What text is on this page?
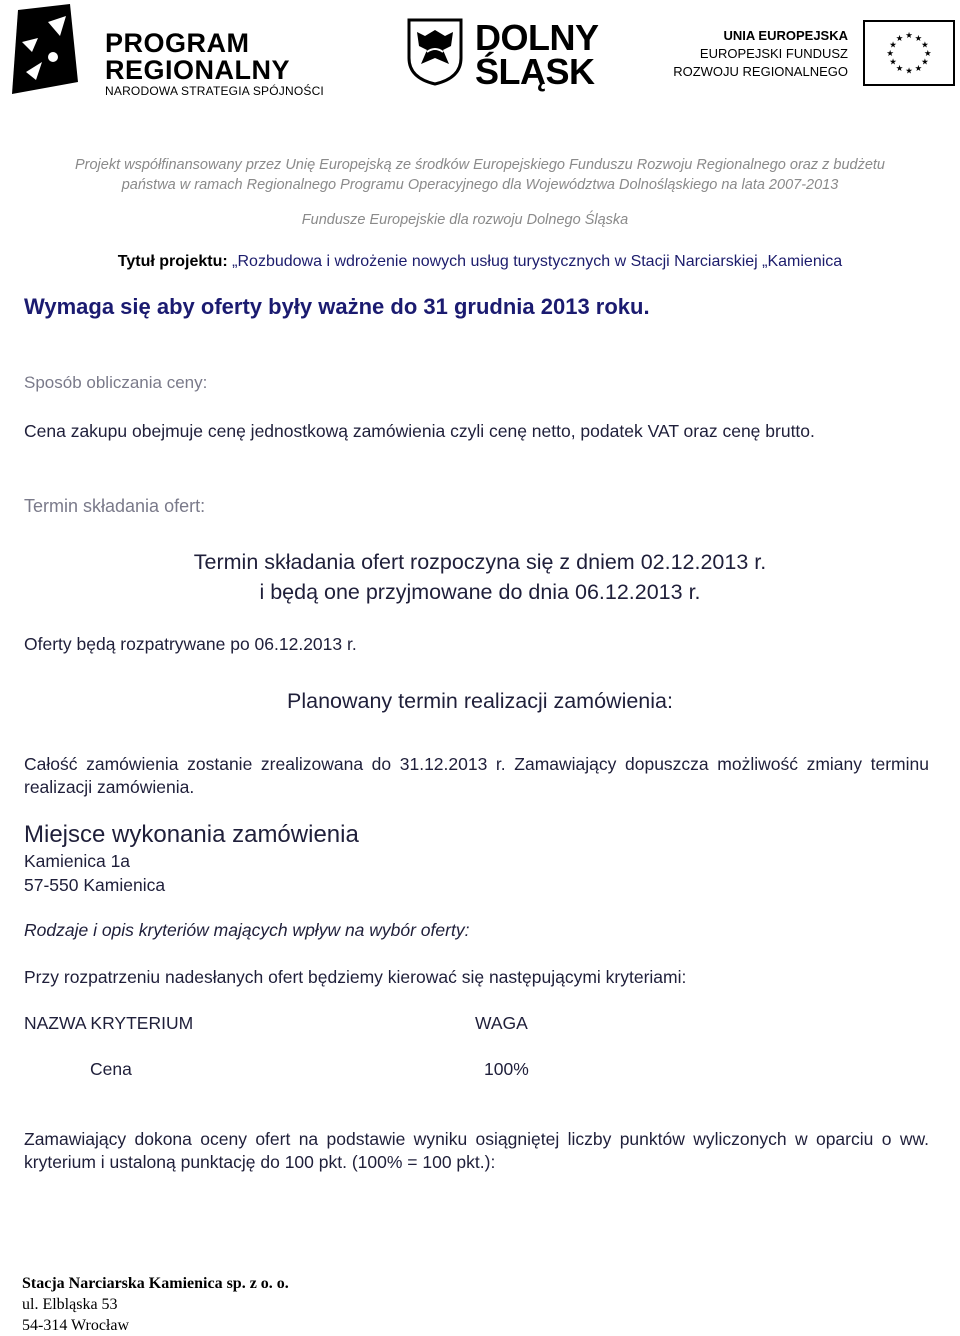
PROGRAM
REGIONALNY
NARODOWA STRATEGIA SPÓJNOŚCI
DOLNY
ŚLĄSK
UNIA EUROPEJSKA
EUROPEJSKI FUNDUSZ
ROZWOJU REGIONALNEGO
★ ★
★
★
★
★
★
★
★
★
★
★
Projekt współfinansowany przez Unię Europejską ze środków Europejskiego Funduszu Rozwoju Regionalnego oraz z budżetu
państwa w ramach Regionalnego Programu Operacyjnego dla Województwa Dolnośląskiego na lata 2007-2013
Fundusze Europejskie dla rozwoju Dolnego Śląska
Tytuł projektu: „Rozbudowa i wdrożenie nowych usług turystycznych w Stacji Narciarskiej „Kamienica
Wymaga się aby oferty były ważne do 31 grudnia 2013 roku.
Sposób obliczania ceny:
Cena zakupu obejmuje cenę jednostkową zamówienia czyli cenę netto, podatek VAT oraz cenę brutto.
Termin składania ofert:
Termin składania ofert rozpoczyna się z dniem 02.12.2013 r.
i będą one przyjmowane do dnia 06.12.2013 r.
Oferty będą rozpatrywane po 06.12.2013 r.
Planowany termin realizacji zamówienia:
Całość zamówienia zostanie zrealizowana do 31.12.2013 r. Zamawiający dopuszcza możliwość zmiany terminu realizacji zamówienia.
Miejsce wykonania zamówienia
Kamienica 1a
57-550 Kamienica
Rodzaje i opis kryteriów mających wpływ na wybór oferty:
Przy rozpatrzeniu nadesłanych ofert będziemy kierować się następującymi kryteriami:
NAZWA KRYTERIUM	WAGA
Cena	100%
Zamawiający dokona oceny ofert na podstawie wyniku osiągniętej liczby punktów wyliczonych w oparciu o ww. kryterium i ustaloną punktację do 100 pkt. (100% = 100 pkt.):
Stacja Narciarska Kamienica sp. z o. o.
ul. Elbląska 53
54-314 Wrocław
